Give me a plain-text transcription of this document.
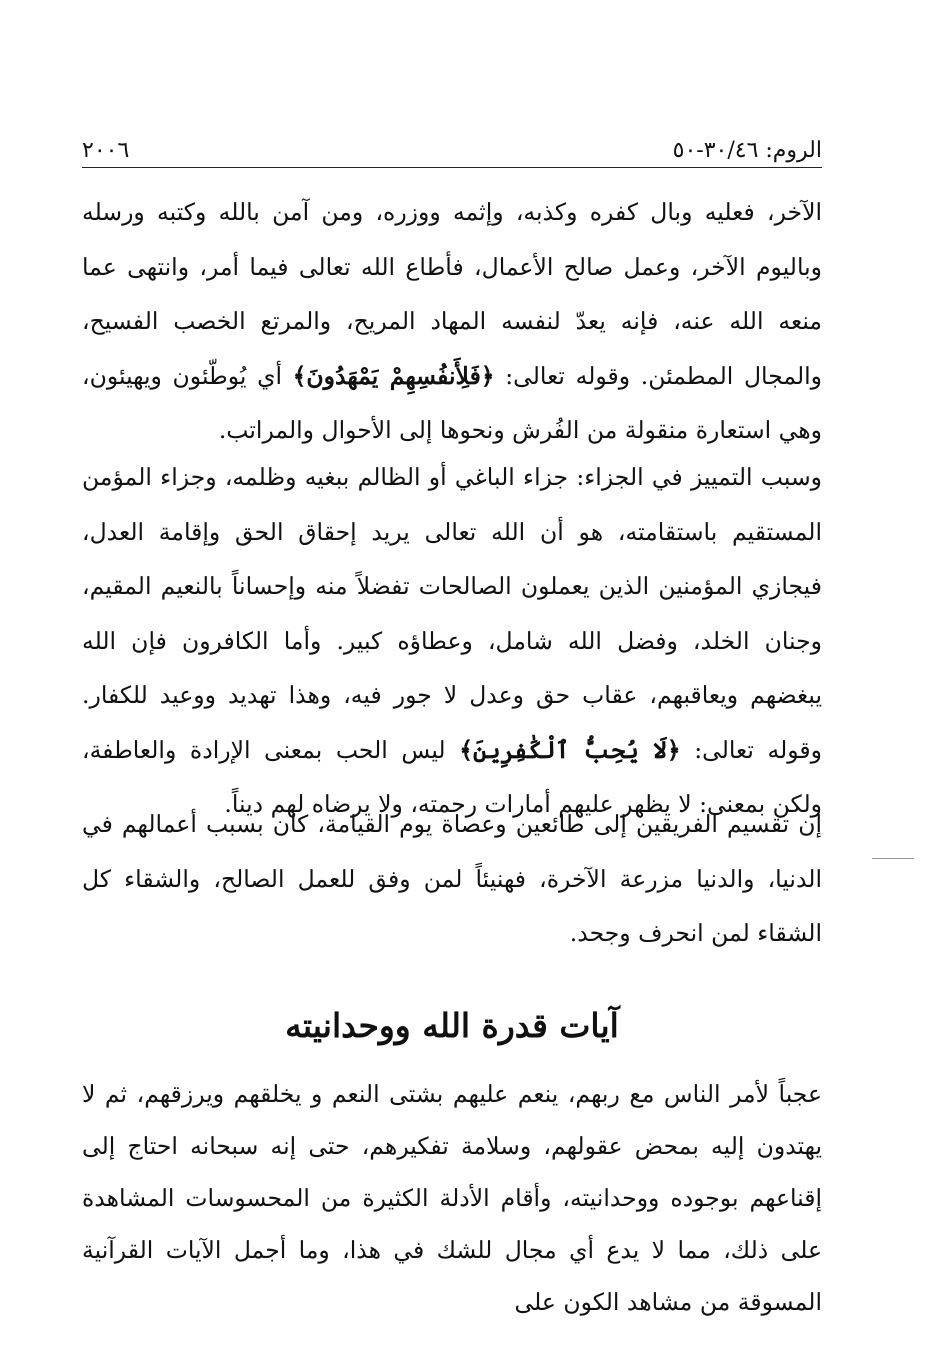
الروم: ٣٠/٤٦-٥٠
٢٠٠٦

الآخر، فعليه وبال كفره وكذبه، وإثمه ووزره، ومن آمن بالله وكتبه ورسله وباليوم الآخر، وعمل صالح الأعمال، فأطاع الله تعالى فيما أمر، وانتهى عما منعه الله عنه، فإنه يعدّ لنفسه المهاد المريح، والمرتع الخصب الفسيح، والمجال المطمئن. وقوله تعالى: ﴿فَلِأَنفُسِهِمْ يَمْهَدُونَ﴾ أي يُوطّئون ويهيئون، وهي استعارة منقولة من الفُرش ونحوها إلى الأحوال والمراتب.

وسبب التمييز في الجزاء: جزاء الباغي أو الظالم ببغيه وظلمه، وجزاء المؤمن المستقيم باستقامته، هو أن الله تعالى يريد إحقاق الحق وإقامة العدل، فيجازي المؤمنين الذين يعملون الصالحات تفضلاً منه وإحساناً بالنعيم المقيم، وجنان الخلد، وفضل الله شامل، وعطاؤه كبير. وأما الكافرون فإن الله يبغضهم ويعاقبهم، عقاب حق وعدل لا جور فيه، وهذا تهديد ووعيد للكفار. وقوله تعالى: ﴿لَا يُحِبُّ ٱلْكَٰفِرِينَ﴾ ليس الحب بمعنى الإرادة والعاطفة، ولكن بمعنى: لا يظهر عليهم أمارات رحمته، ولا يرضاه لهم ديناً.

إن تقسيم الفريقين إلى طائعين وعصاة يوم القيامة، كان بسبب أعمالهم في الدنيا، والدنيا مزرعة الآخرة، فهنيئاً لمن وفق للعمل الصالح، والشقاء كل الشقاء لمن انحرف وجحد.

آيات قدرة الله ووحدانيته

عجباً لأمر الناس مع ربهم، ينعم عليهم بشتى النعم و يخلقهم ويرزقهم، ثم لا يهتدون إليه بمحض عقولهم، وسلامة تفكيرهم، حتى إنه سبحانه احتاج إلى إقناعهم بوجوده ووحدانيته، وأقام الأدلة الكثيرة من المحسوسات المشاهدة على ذلك، مما لا يدع أي مجال للشك في هذا، وما أجمل الآيات القرآنية المسوقة من مشاهد الكون على
